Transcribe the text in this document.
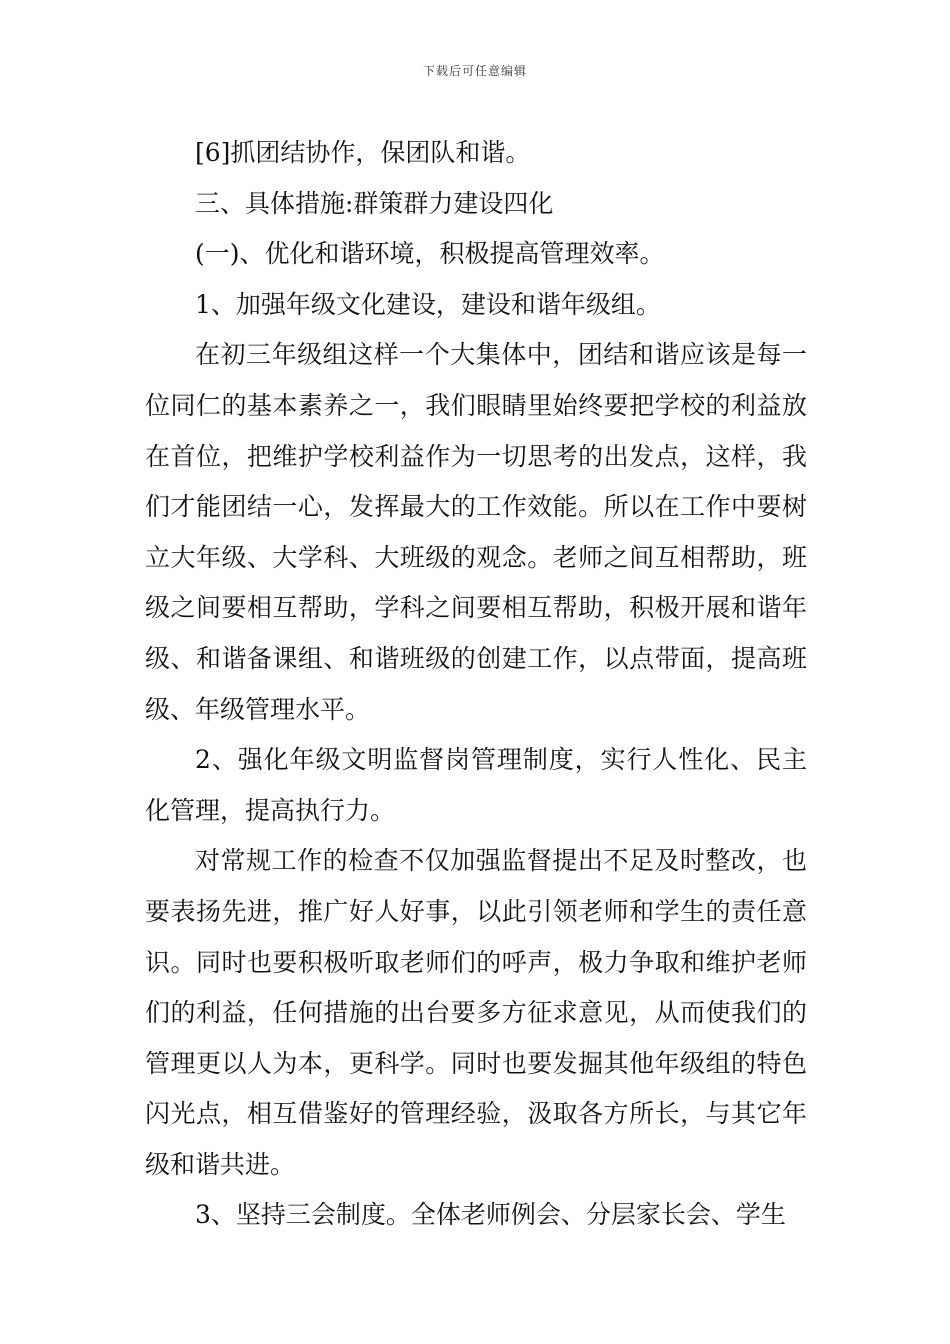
下载后可任意编辑

[6]抓团结协作，保团队和谐。

三、具体措施:群策群力建设四化

(一)、优化和谐环境，积极提高管理效率。

1、加强年级文化建设，建设和谐年级组。

在初三年级组这样一个大集体中，团结和谐应该是每一位同仁的基本素养之一，我们眼睛里始终要把学校的利益放在首位，把维护学校利益作为一切思考的出发点，这样，我们才能团结一心，发挥最大的工作效能。所以在工作中要树立大年级、大学科、大班级的观念。老师之间互相帮助，班级之间要相互帮助，学科之间要相互帮助，积极开展和谐年级、和谐备课组、和谐班级的创建工作，以点带面，提高班级、年级管理水平。

2、强化年级文明监督岗管理制度，实行人性化、民主化管理，提高执行力。

对常规工作的检查不仅加强监督提出不足及时整改，也要表扬先进，推广好人好事，以此引领老师和学生的责任意识。同时也要积极听取老师们的呼声，极力争取和维护老师们的利益，任何措施的出台要多方征求意见，从而使我们的管理更以人为本，更科学。同时也要发掘其他年级组的特色闪光点，相互借鉴好的管理经验，汲取各方所长，与其它年级和谐共进。

3、坚持三会制度。全体老师例会、分层家长会、学生
